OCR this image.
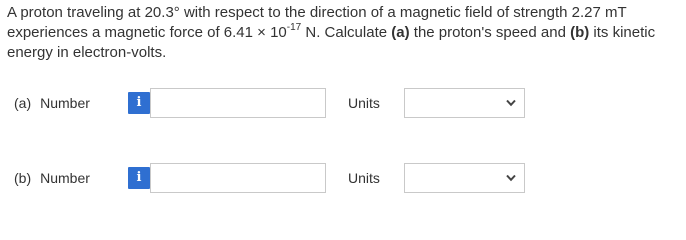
A proton traveling at 20.3° with respect to the direction of a magnetic field of strength 2.27 mT experiences a magnetic force of $6.41 \times 10^{-17}$ N. Calculate (a) the proton's speed and (b) its kinetic energy in electron-volts.
(a) Number	i	Units
(b) Number	i	Units
